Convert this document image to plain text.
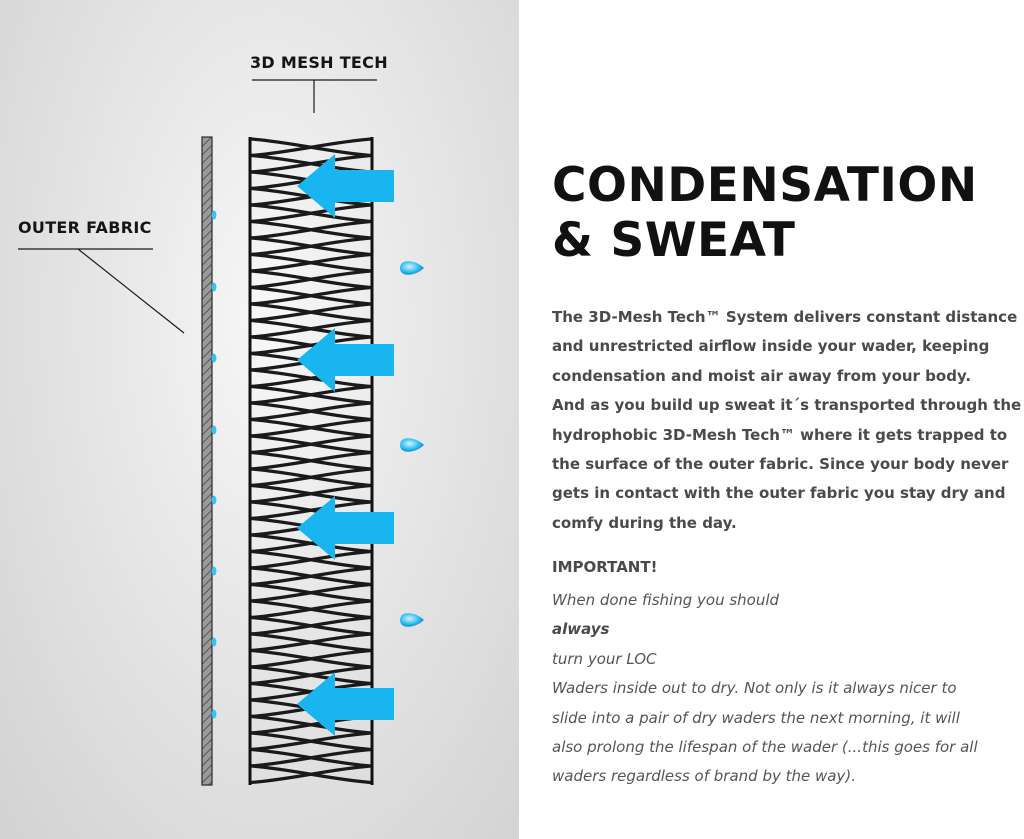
3D MESH TECH
OUTER FABRIC
CONDENSATION
& SWEAT
The 3D-Mesh Tech™ System delivers constant distance
and unrestricted airflow inside your wader, keeping
condensation and moist air away from your body.
And as you build up sweat it´s transported through the
hydrophobic 3D-Mesh Tech™ where it gets trapped to
the surface of the outer fabric. Since your body never
gets in contact with the outer fabric you stay dry and
comfy during the day.
IMPORTANT!
When done fishing you should
always
turn your LOC
Waders inside out to dry. Not only is it always nicer to
slide into a pair of dry waders the next morning, it will
also prolong the lifespan of the wader (...this goes for all
waders regardless of brand by the way).
